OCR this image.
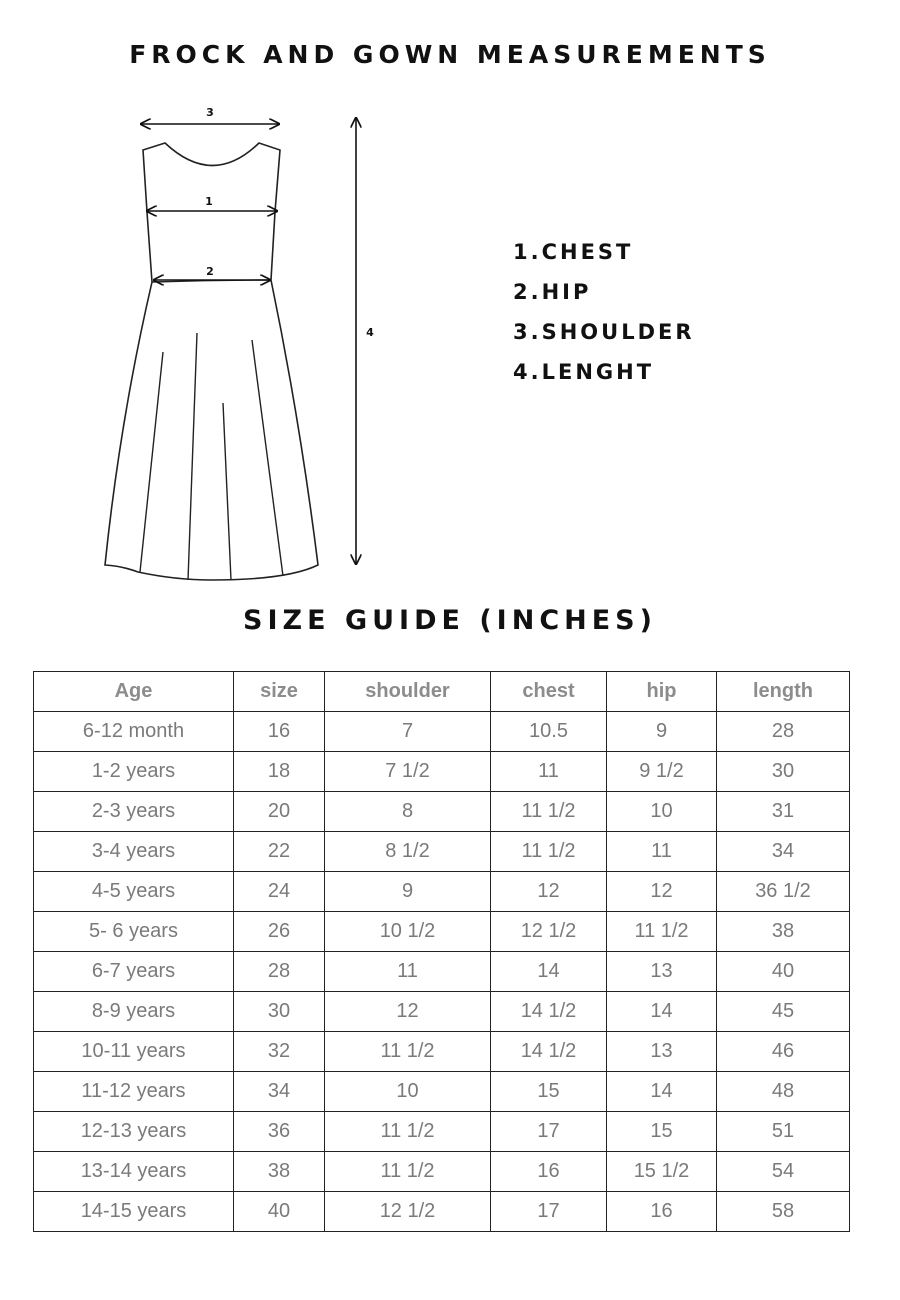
FROCK AND GOWN MEASUREMENTS
3
1
2
4
1.CHEST
2.HIP
3.SHOULDER
4.LENGHT
SIZE GUIDE (INCHES)
Age	size	shoulder	chest	hip	length
6-12 month	16	7	10.5	9	28
1-2 years	18	7 1/2	11	9 1/2	30
2-3 years	20	8	11 1/2	10	31
3-4 years	22	8 1/2	11 1/2	11	34
4-5 years	24	9	12	12	36 1/2
5- 6 years	26	10 1/2	12 1/2	11 1/2	38
6-7 years	28	11	14	13	40
8-9 years	30	12	14 1/2	14	45
10-11 years	32	11 1/2	14 1/2	13	46
11-12 years	34	10	15	14	48
12-13 years	36	11 1/2	17	15	51
13-14 years	38	11 1/2	16	15 1/2	54
14-15 years	40	12 1/2	17	16	58
